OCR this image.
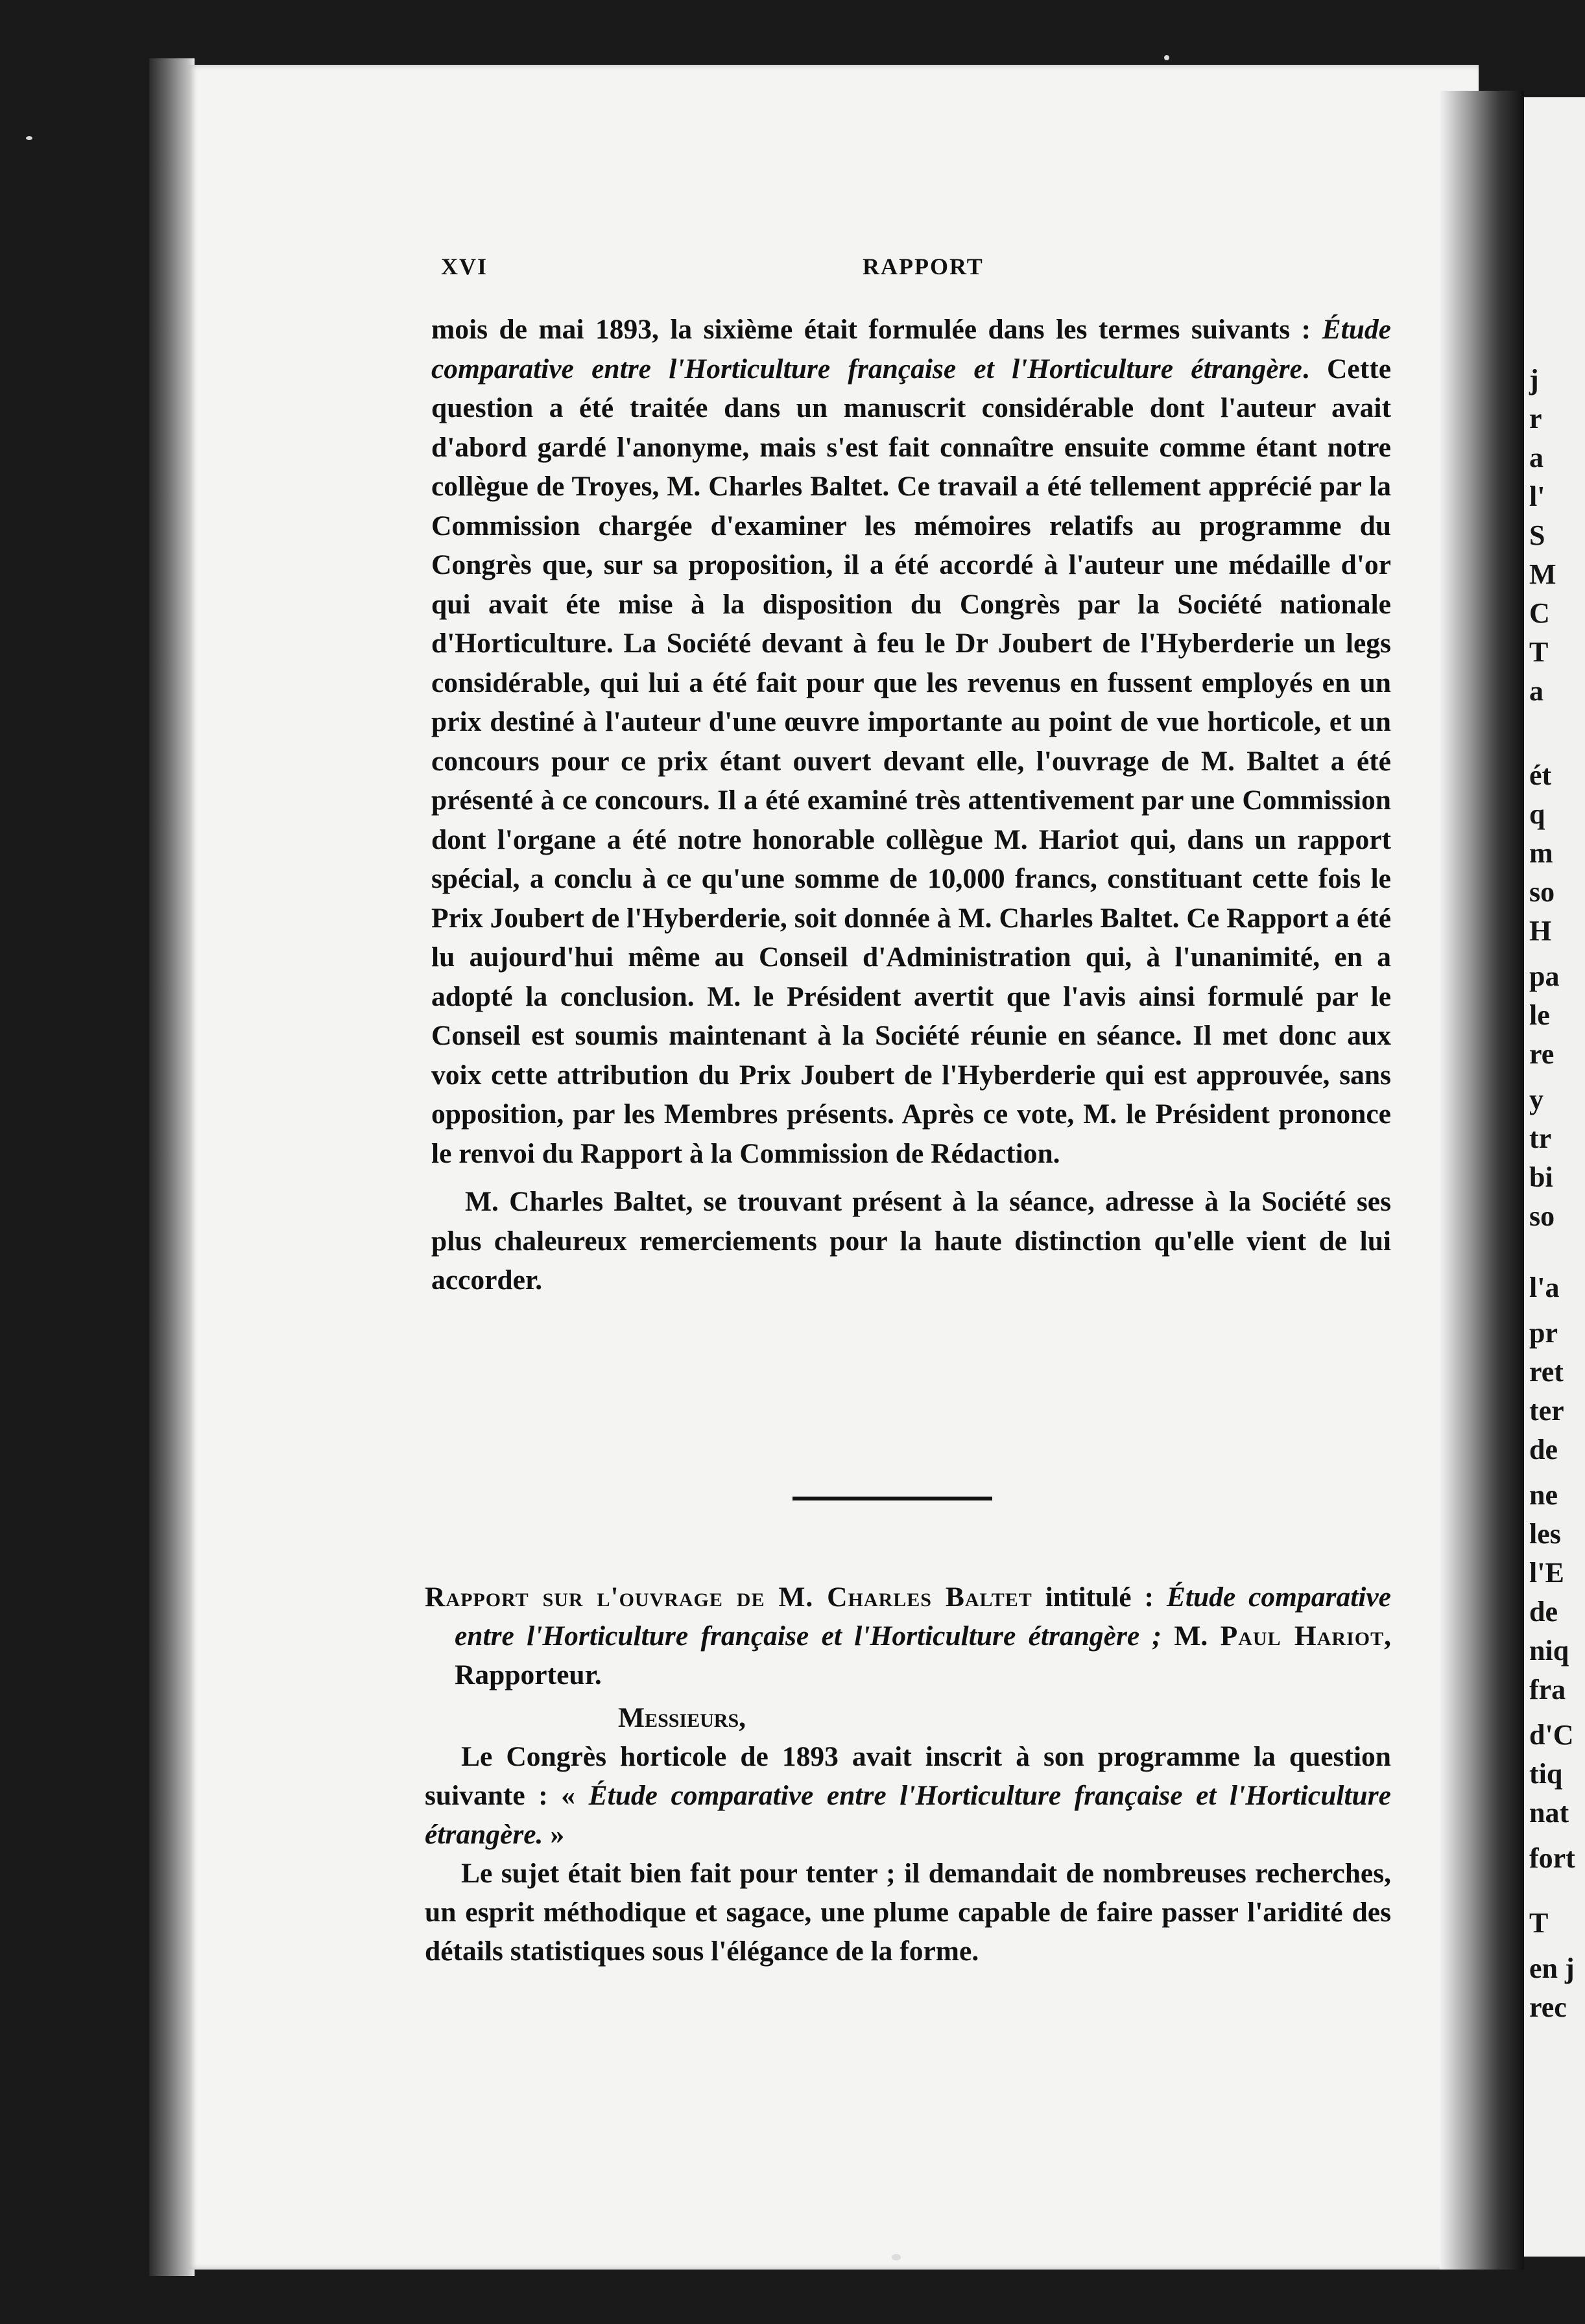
XVI	RAPPORT

mois de mai 1893, la sixième était formulée dans les termes suivants : Étude comparative entre l'Horticulture française et l'Horticulture étrangère. Cette question a été traitée dans un manuscrit considérable dont l'auteur avait d'abord gardé l'anonyme, mais s'est fait connaître ensuite comme étant notre collègue de Troyes, M. Charles Baltet. Ce travail a été tellement apprécié par la Commission chargée d'examiner les mémoires relatifs au programme du Congrès que, sur sa proposition, il a été accordé à l'auteur une médaille d'or qui avait éte mise à la disposition du Congrès par la Société nationale d'Horticulture. La Société devant à feu le Dr Joubert de l'Hyberderie un legs considérable, qui lui a été fait pour que les revenus en fussent employés en un prix destiné à l'auteur d'une œuvre importante au point de vue horticole, et un concours pour ce prix étant ouvert devant elle, l'ouvrage de M. Baltet a été présenté à ce concours. Il a été examiné très attentivement par une Commission dont l'organe a été notre honorable collègue M. Hariot qui, dans un rapport spécial, a conclu à ce qu'une somme de 10,000 francs, constituant cette fois le Prix Joubert de l'Hyberderie, soit donnée à M. Charles Baltet. Ce Rapport a été lu aujourd'hui même au Conseil d'Administration qui, à l'unanimité, en a adopté la conclusion. M. le Président avertit que l'avis ainsi formulé par le Conseil est soumis maintenant à la Société réunie en séance. Il met donc aux voix cette attribution du Prix Joubert de l'Hyberderie qui est approuvée, sans opposition, par les Membres présents. Après ce vote, M. le Président prononce le renvoi du Rapport à la Commission de Rédaction.

M. Charles Baltet, se trouvant présent à la séance, adresse à la Société ses plus chaleureux remerciements pour la haute distinction qu'elle vient de lui accorder.

Rapport sur l'ouvrage de M. Charles Baltet intitulé : Étude comparative entre l'Horticulture française et l'Horticulture étrangère ; M. Paul Hariot, Rapporteur.

Messieurs,

Le Congrès horticole de 1893 avait inscrit à son programme la question suivante : « Étude comparative entre l'Horticulture française et l'Horticulture étrangère. »

Le sujet était bien fait pour tenter ; il demandait de nombreuses recherches, un esprit méthodique et sagace, une plume capable de faire passer l'aridité des détails statistiques sous l'élégance de la forme.

j
r
a
l'
S
M
C
T
a
ét
q
m
so
H
pa
le
re
y
tr
bi
so
l'a
pr
ret
ter
de
ne
les
l'E
de
niq
fra
d'C
tiq
nat
fort
T
en j
rec
